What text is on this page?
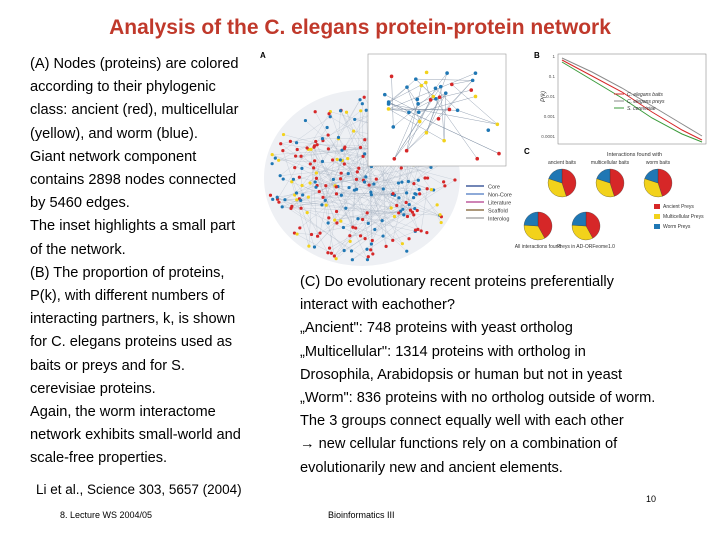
Analysis of the C. elegans protein-protein network
(A) Nodes (proteins) are colored
according to their phylogenic
class: ancient (red), multicellular
(yellow), and worm (blue).
Giant network component
contains 2898 nodes connected
by 5460 edges.
The inset highlights a small part
of the network.
(B) The proportion of proteins,
P(k), with different numbers of
interacting partners, k, is shown
for C. elegans proteins used as
baits or preys and for S.
cerevisiae proteins.
Again, the worm interactome
network exhibits small-world and
scale-free properties.
(C) Do evolutionary recent proteins preferentially
interact with eachother?
„Ancient": 748 proteins with yeast ortholog
„Multicellular": 1314 proteins with ortholog in
Drosophila, Arabidopsis or human but not in yeast
„Worm": 836 proteins with no ortholog outside of worm.
The 3 groups connect equally well with each other
→ new cellular functions rely on a combination of
evolutionarily new and ancient elements.
A
Core
Non-Core
Literature
Scaffold
Interolog
B
P(k)
1
0.1
0.01
0.001
0.0001
C. elegans baits
C. elegans preys
S. cerevisiae
C	Interactions found with
ancient baits	multicellular baits	worm baits
All interactions found
Preys in AD-ORFeome1.0
Ancient Preys
Multicellular Preys
Worm Preys
Li et al., Science 303, 5657 (2004)
8. Lecture WS 2004/05	Bioinformatics III
10
